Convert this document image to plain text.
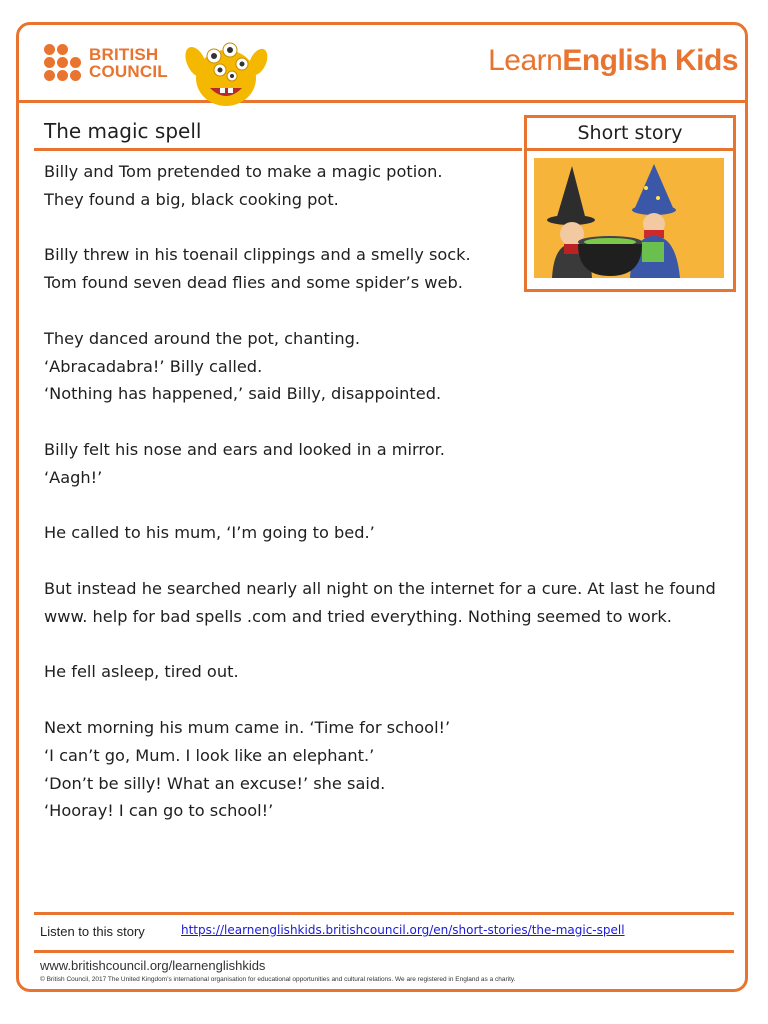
BRITISH
COUNCIL	LearnEnglish Kids
The magic spell	Short story

Billy and Tom pretended to make a magic potion.
They found a big, black cooking pot.

Billy threw in his toenail clippings and a smelly sock.
Tom found seven dead flies and some spider’s web.

They danced around the pot, chanting.
‘Abracadabra!’ Billy called.
‘Nothing has happened,’ said Billy, disappointed.

Billy felt his nose and ears and looked in a mirror.
‘Aagh!’

He called to his mum, ‘I’m going to bed.’

But instead he searched nearly all night on the internet for a cure. At last he found www. help for bad spells .com and tried everything. Nothing seemed to work.

He fell asleep, tired out.

Next morning his mum came in. ‘Time for school!’
‘I can’t go, Mum. I look like an elephant.’
‘Don’t be silly! What an excuse!’ she said.
‘Hooray! I can go to school!’

Listen to this story	https://learnenglishkids.britishcouncil.org/en/short-stories/the-magic-spell
www.britishcouncil.org/learnenglishkids
© British Council, 2017 The United Kingdom’s international organisation for educational opportunities and cultural relations. We are registered in England as a charity.
